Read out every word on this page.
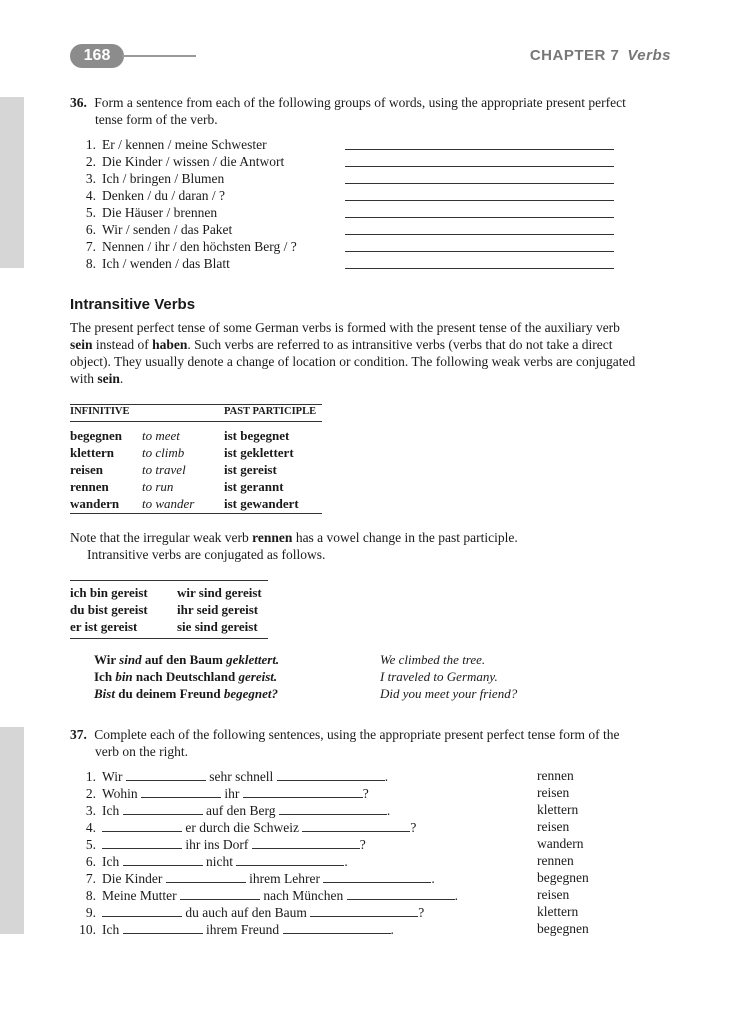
168	CHAPTER 7 Verbs
36. Form a sentence from each of the following groups of words, using the appropriate present perfect
tense form of the verb.
1. Er / kennen / meine Schwester
2. Die Kinder / wissen / die Antwort
3. Ich / bringen / Blumen
4. Denken / du / daran / ?
5. Die Häuser / brennen
6. Wir / senden / das Paket
7. Nennen / ihr / den höchsten Berg / ?
8. Ich / wenden / das Blatt
Intransitive Verbs
The present perfect tense of some German verbs is formed with the present tense of the auxiliary verb
sein instead of haben. Such verbs are referred to as intransitive verbs (verbs that do not take a direct
object). They usually denote a change of location or condition. The following weak verbs are conjugated
with sein.
INFINITIVE		PAST PARTICIPLE
begegnen	to meet	ist begegnet
klettern	to climb	ist geklettert
reisen	to travel	ist gereist
rennen	to run	ist gerannt
wandern	to wander	ist gewandert
Note that the irregular weak verb rennen has a vowel change in the past participle.
Intransitive verbs are conjugated as follows.
ich bin gereist	wir sind gereist
du bist gereist	ihr seid gereist
er ist gereist	sie sind gereist
Wir sind auf den Baum geklettert.	We climbed the tree.
Ich bin nach Deutschland gereist.	I traveled to Germany.
Bist du deinem Freund begegnet?	Did you meet your friend?
37. Complete each of the following sentences, using the appropriate present perfect tense form of the
verb on the right.
1. Wir	sehr schnell	.	rennen
2. Wohin	ihr	?	reisen
3. Ich	auf den Berg	.	klettern
4.	er durch die Schweiz	?	reisen
5.	ihr ins Dorf	?	wandern
6. Ich	nicht	.	rennen
7. Die Kinder	ihrem Lehrer	.	begegnen
8. Meine Mutter	nach München	.	reisen
9.	du auch auf den Baum	?	klettern
10. Ich	ihrem Freund	.	begegnen
